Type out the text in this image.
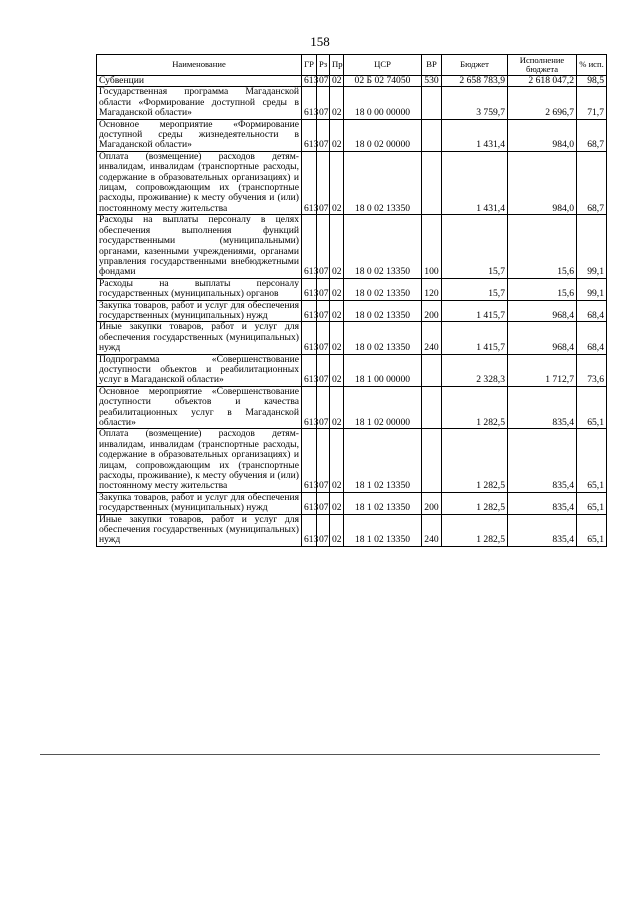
158
Наименование	ГР	Рз	Пр	ЦСР	ВР	Бюджет	Исполнение бюджета	% исп.
Субвенции	613	07	02	02 Б 02 74050	530	2 658 783,9	2 618 047,2	98,5
Государственная программа Магаданской области «Формирование доступной среды в Магаданской области»	613	07	02	18 0 00 00000		3 759,7	2 696,7	71,7
Основное мероприятие «Формирование доступной среды жизнедеятельности в Магаданской области»	613	07	02	18 0 02 00000		1 431,4	984,0	68,7
Оплата (возмещение) расходов детям-инвалидам, инвалидам (транспортные расходы, содержание в образовательных организациях) и лицам, сопровождающим их (транспортные расходы, проживание) к месту обучения и (или) постоянному месту жительства	613	07	02	18 0 02 13350		1 431,4	984,0	68,7
Расходы на выплаты персоналу в целях обеспечения выполнения функций государственными (муниципальными) органами, казенными учреждениями, органами управления государственными внебюджетными фондами	613	07	02	18 0 02 13350	100	15,7	15,6	99,1
Расходы на выплаты персоналу государственных (муниципальных) органов	613	07	02	18 0 02 13350	120	15,7	15,6	99,1
Закупка товаров, работ и услуг для обеспечения государственных (муниципальных) нужд	613	07	02	18 0 02 13350	200	1 415,7	968,4	68,4
Иные закупки товаров, работ и услуг для обеспечения государственных (муниципальных) нужд	613	07	02	18 0 02 13350	240	1 415,7	968,4	68,4
Подпрограмма «Совершенствование доступности объектов и реабилитационных услуг в Магаданской области»	613	07	02	18 1 00 00000		2 328,3	1 712,7	73,6
Основное мероприятие «Совершенствование доступности объектов и качества реабилитационных услуг в Магаданской области»	613	07	02	18 1 02 00000		1 282,5	835,4	65,1
Оплата (возмещение) расходов детям-инвалидам, инвалидам (транспортные расходы, содержание в образовательных организациях) и лицам, сопровождающим их (транспортные расходы, проживание), к месту обучения и (или) постоянному месту жительства	613	07	02	18 1 02 13350		1 282,5	835,4	65,1
Закупка товаров, работ и услуг для обеспечения государственных (муниципальных) нужд	613	07	02	18 1 02 13350	200	1 282,5	835,4	65,1
Иные закупки товаров, работ и услуг для обеспечения государственных (муниципальных) нужд	613	07	02	18 1 02 13350	240	1 282,5	835,4	65,1
